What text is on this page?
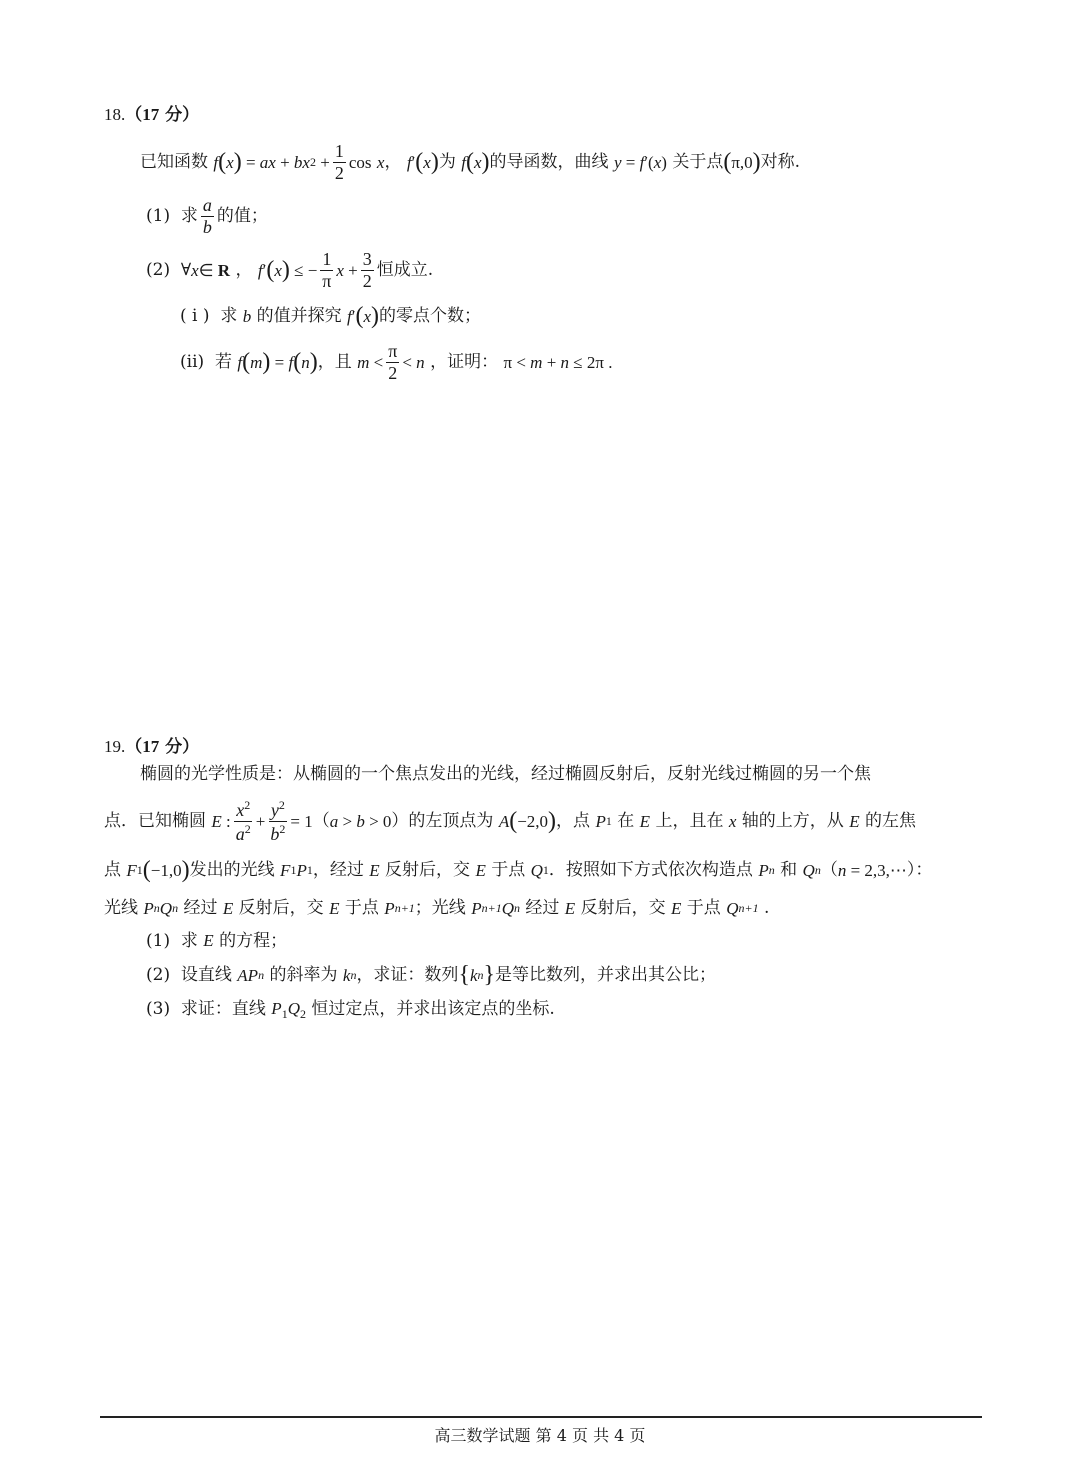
18.（17 分）
已知函数 f ( x ) = ax + bx $2 + \frac{1}{2}$ cos
x ， f ′ ( x ) 为 f ( x ) 的导函数，曲线 y = f ′( x ) 关于点 ( π,0 ) 对称.
(1)  求 $\frac{a}{b}$ 的值；
(2)  ∀ x ∈ R ， f ′ ( x ) ≤ − $\frac{1}{\pi}$ $x + \frac{3}{2}$ 恒成立.
( i )  求 b 的值并探究 f ′ ( x ) 的零点个数；
(ii)  若 f ( m ) = f ( n ) ，且 $m < \frac{\pi}{2} < n$ ，证明： π < m + n ≤ 2π .
19.（17 分）
椭圆的光学性质是：从椭圆的一个焦点发出的光线，经过椭圆反射后，反射光线过椭圆的另一个焦
点．已知椭圆 E : $\frac{x^2}{a^2} + \frac{y^2}{b^2} = 1$ （ a > b > 0 ）的左顶点为 A ( −2,0 ) ，点 P 1 在 E 上，且在 x 轴的上方，从 E 的左焦
点 F 1 ( −1,0 ) 发出的光线 F 1 P 1 ，经过 E 反射后，交 E 于点 Q 1 ．按照如下方式依次构造点 P n 和 Q n （ n = 2,3,⋯ ）：
光线 P n Q n 经过 E 反射后，交 E 于点 P n+1 ；光线 P n+1 Q n 经过 E 反射后，交 E 于点 Q n+1 .
(1)  求 E 的方程；
(2)  设直线 AP n 的斜率为 k n ，求证：数列 { k n } 是等比数列，并求出其公比；
(3)  求证：直线 $P_1Q_2$ 恒过定点，并求出该定点的坐标.
高三数学试题 第 4 页 共 4 页
